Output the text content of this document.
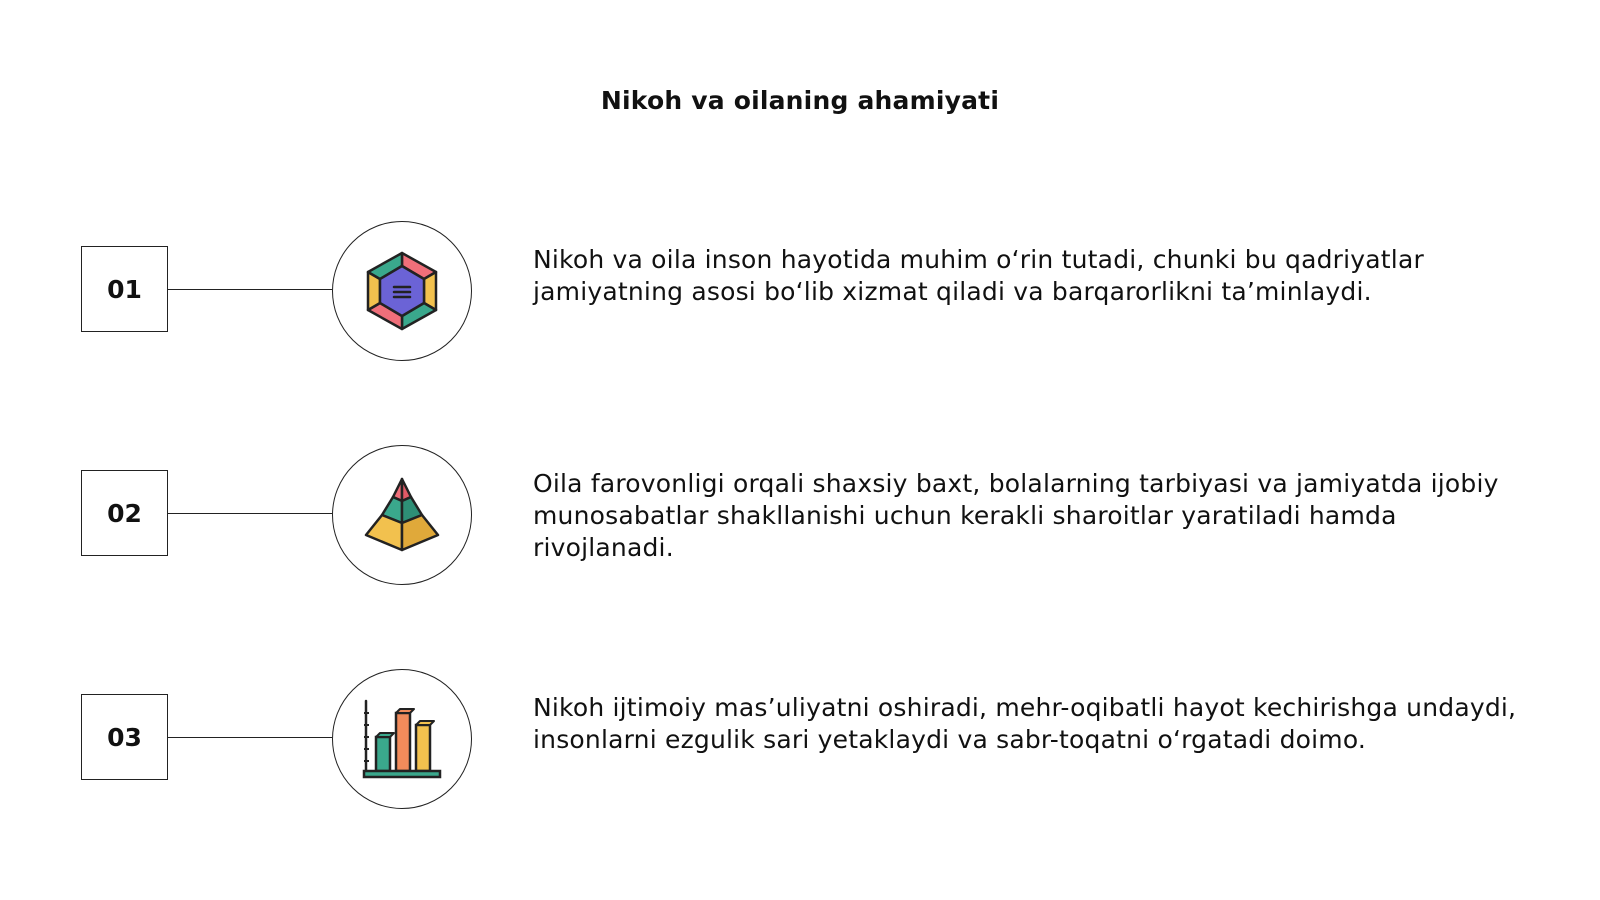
Nikoh va oilaning ahamiyati
01
Nikoh va oila inson hayotida muhim o‘rin tutadi, chunki bu qadriyatlar jamiyatning asosi bo‘lib xizmat qiladi va barqarorlikni ta’minlaydi.
02
Oila farovonligi orqali shaxsiy baxt, bolalarning tarbiyasi va jamiyatda ijobiy munosabatlar shakllanishi uchun kerakli sharoitlar yaratiladi hamda rivojlanadi.
03
Nikoh ijtimoiy mas’uliyatni oshiradi, mehr-oqibatli hayot kechirishga undaydi, insonlarni ezgulik sari yetaklaydi va sabr-toqatni o‘rgatadi doimo.
